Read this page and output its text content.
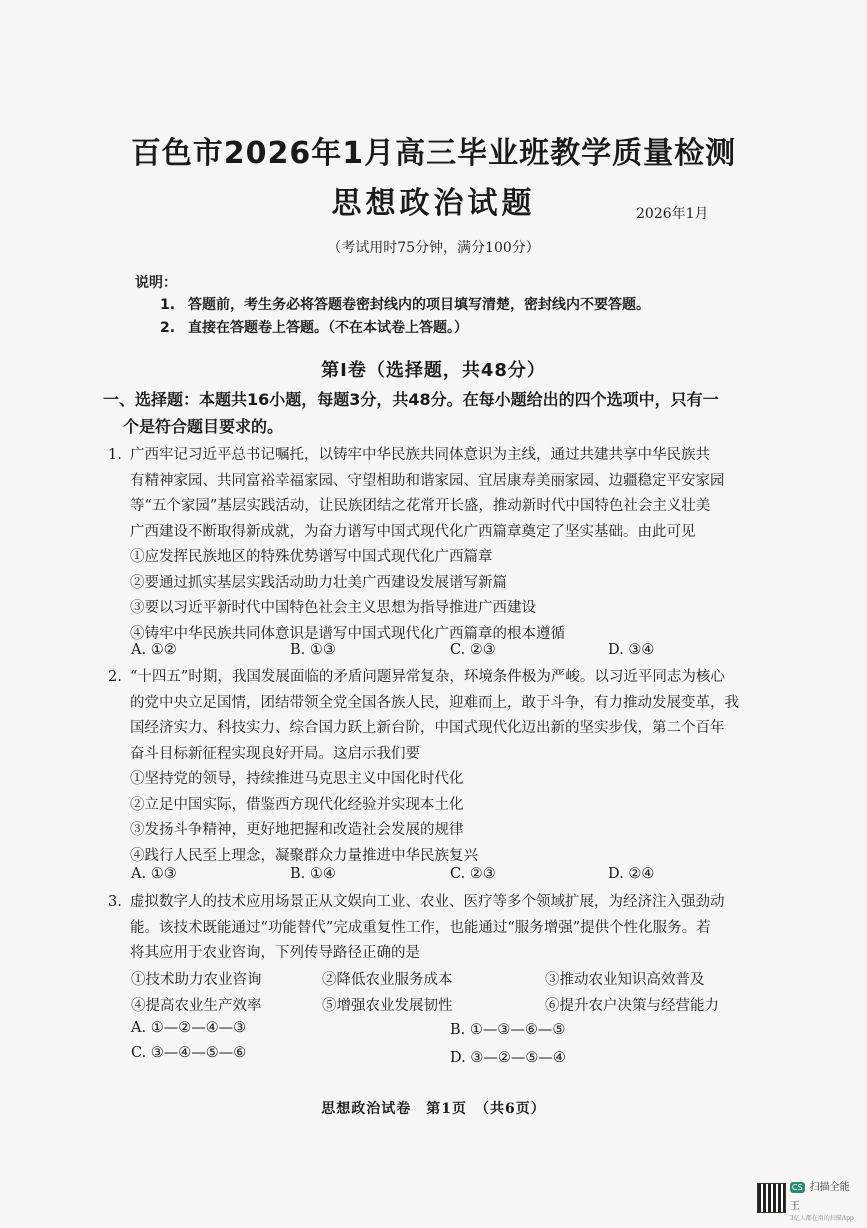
百色市2026年1月高三毕业班教学质量检测
思想政治试题	2026年1月
（考试用时75分钟，满分100分）
说明：
1. 答题前，考生务必将答题卷密封线内的项目填写清楚，密封线内不要答题。
2. 直接在答题卷上答题。（不在本试卷上答题。）
第Ⅰ卷（选择题，共48分）
一、选择题：本题共16小题，每题3分，共48分。在每小题给出的四个选项中，只有一
个是符合题目要求的。
1. 广西牢记习近平总书记嘱托，以铸牢中华民族共同体意识为主线，通过共建共享中华民族共
有精神家园、共同富裕幸福家园、守望相助和谐家园、宜居康寿美丽家园、边疆稳定平安家园
等“五个家园”基层实践活动，让民族团结之花常开长盛，推动新时代中国特色社会主义壮美
广西建设不断取得新成就，为奋力谱写中国式现代化广西篇章奠定了坚实基础。由此可见
①应发挥民族地区的特殊优势谱写中国式现代化广西篇章
②要通过抓实基层实践活动助力壮美广西建设发展谱写新篇
③要以习近平新时代中国特色社会主义思想为指导推进广西建设
④铸牢中华民族共同体意识是谱写中国式现代化广西篇章的根本遵循
A. ①②	B. ①③	C. ②③	D. ③④
2. “十四五”时期，我国发展面临的矛盾问题异常复杂，环境条件极为严峻。以习近平同志为核心
的党中央立足国情，团结带领全党全国各族人民，迎难而上，敢于斗争，有力推动发展变革，我
国经济实力、科技实力、综合国力跃上新台阶，中国式现代化迈出新的坚实步伐，第二个百年
奋斗目标新征程实现良好开局。这启示我们要
①坚持党的领导，持续推进马克思主义中国化时代化
②立足中国实际，借鉴西方现代化经验并实现本土化
③发扬斗争精神，更好地把握和改造社会发展的规律
④践行人民至上理念，凝聚群众力量推进中华民族复兴
A. ①③	B. ①④	C. ②③	D. ②④
3. 虚拟数字人的技术应用场景正从文娱向工业、农业、医疗等多个领域扩展，为经济注入强劲动
能。该技术既能通过“功能替代”完成重复性工作，也能通过“服务增强”提供个性化服务。若
将其应用于农业咨询，下列传导路径正确的是
①技术助力农业咨询	②降低农业服务成本	③推动农业知识高效普及
④提高农业生产效率	⑤增强农业发展韧性	⑥提升农户决策与经营能力
A. ①—②—④—③	B. ①—③—⑥—⑤
C. ③—④—⑤—⑥	D. ③—②—⑤—④
思想政治试卷　第1页　（共6页）
CS 扫描全能王
3亿人都在用的扫描App
